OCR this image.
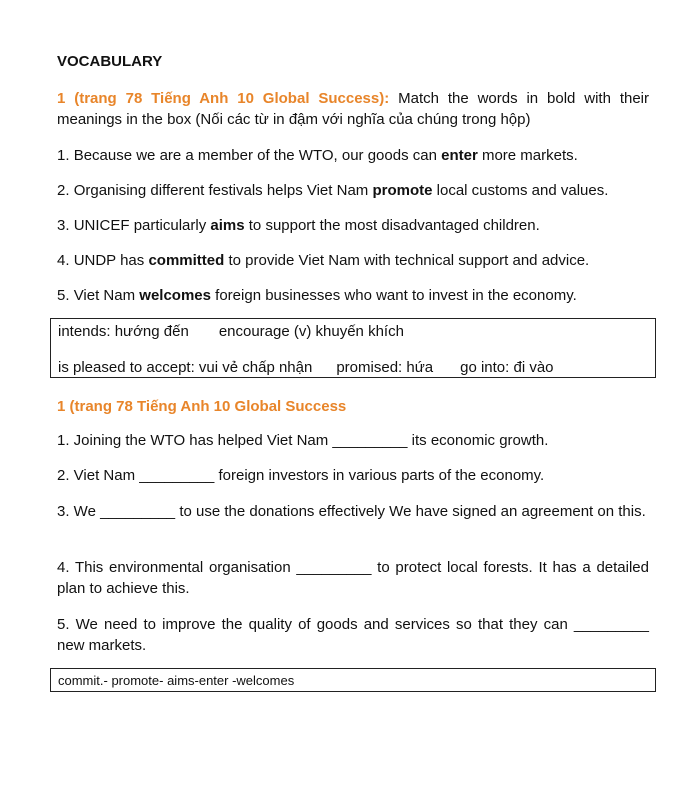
VOCABULARY

1 (trang 78 Tiếng Anh 10 Global Success): Match the words in bold with their meanings in the box (Nối các từ in đậm với nghĩa của chúng trong hộp)

1. Because we are a member of the WTO, our goods can enter more markets.

2. Organising different festivals helps Viet Nam promote local customs and values.

3. UNICEF particularly aims to support the most disadvantaged children.

4. UNDP has committed to provide Viet Nam with technical support and advice.

5. Viet Nam welcomes foreign businesses who want to invest in the economy.

intends: hướng đến encourage (v) khuyến khích
is pleased to accept: vui vẻ chấp nhận promised: hứa go into: đi vào

1 (trang 78 Tiếng Anh 10 Global Success

1. Joining the WTO has helped Viet Nam _________ its economic growth.

2. Viet Nam _________ foreign investors in various parts of the economy.

3. We _________ to use the donations effectively We have signed an agreement on this.

4. This environmental organisation _________ to protect local forests. It has a detailed plan to achieve this.

5. We need to improve the quality of goods and services so that they can _________ new markets.

commit.- promote- aims-enter -welcomes
